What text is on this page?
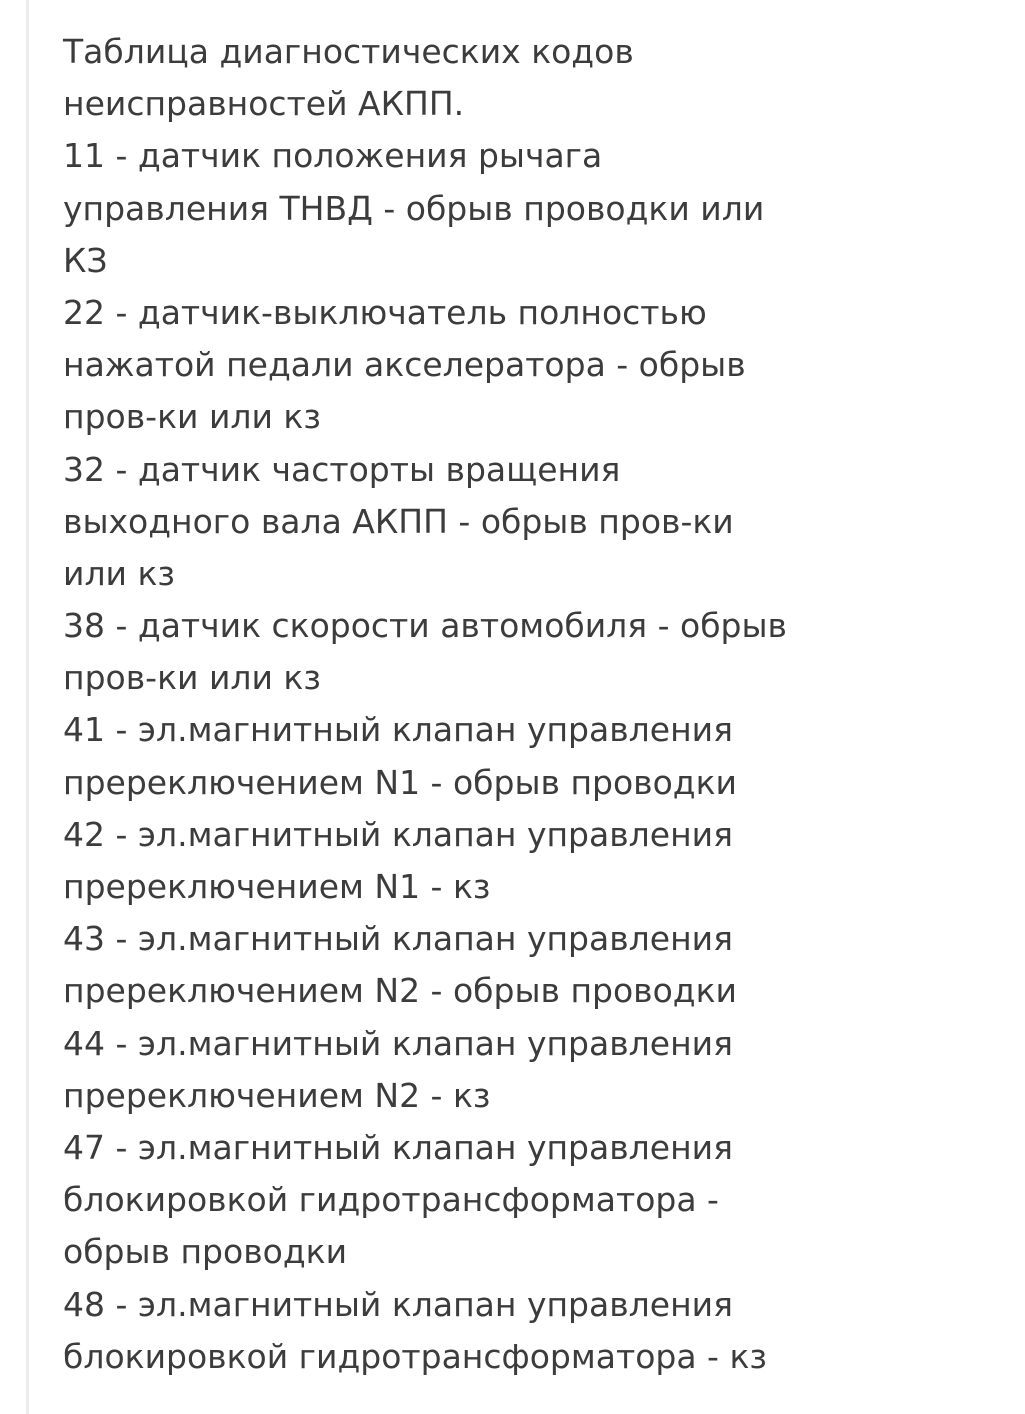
Таблица диагностических кодов
неисправностей АКПП.
11 - датчик положения рычага
управления ТНВД - обрыв проводки или
КЗ
22 - датчик-выключатель полностью
нажатой педали акселератора - обрыв
пров-ки или кз
32 - датчик часторты вращения
выходного вала АКПП - обрыв пров-ки
или кз
38 - датчик скорости автомобиля - обрыв
пров-ки или кз
41 - эл.магнитный клапан управления
пререключением N1 - обрыв проводки
42 - эл.магнитный клапан управления
пререключением N1 - кз
43 - эл.магнитный клапан управления
пререключением N2 - обрыв проводки
44 - эл.магнитный клапан управления
пререключением N2 - кз
47 - эл.магнитный клапан управления
блокировкой гидротрансформатора -
обрыв проводки
48 - эл.магнитный клапан управления
блокировкой гидротрансформатора - кз
